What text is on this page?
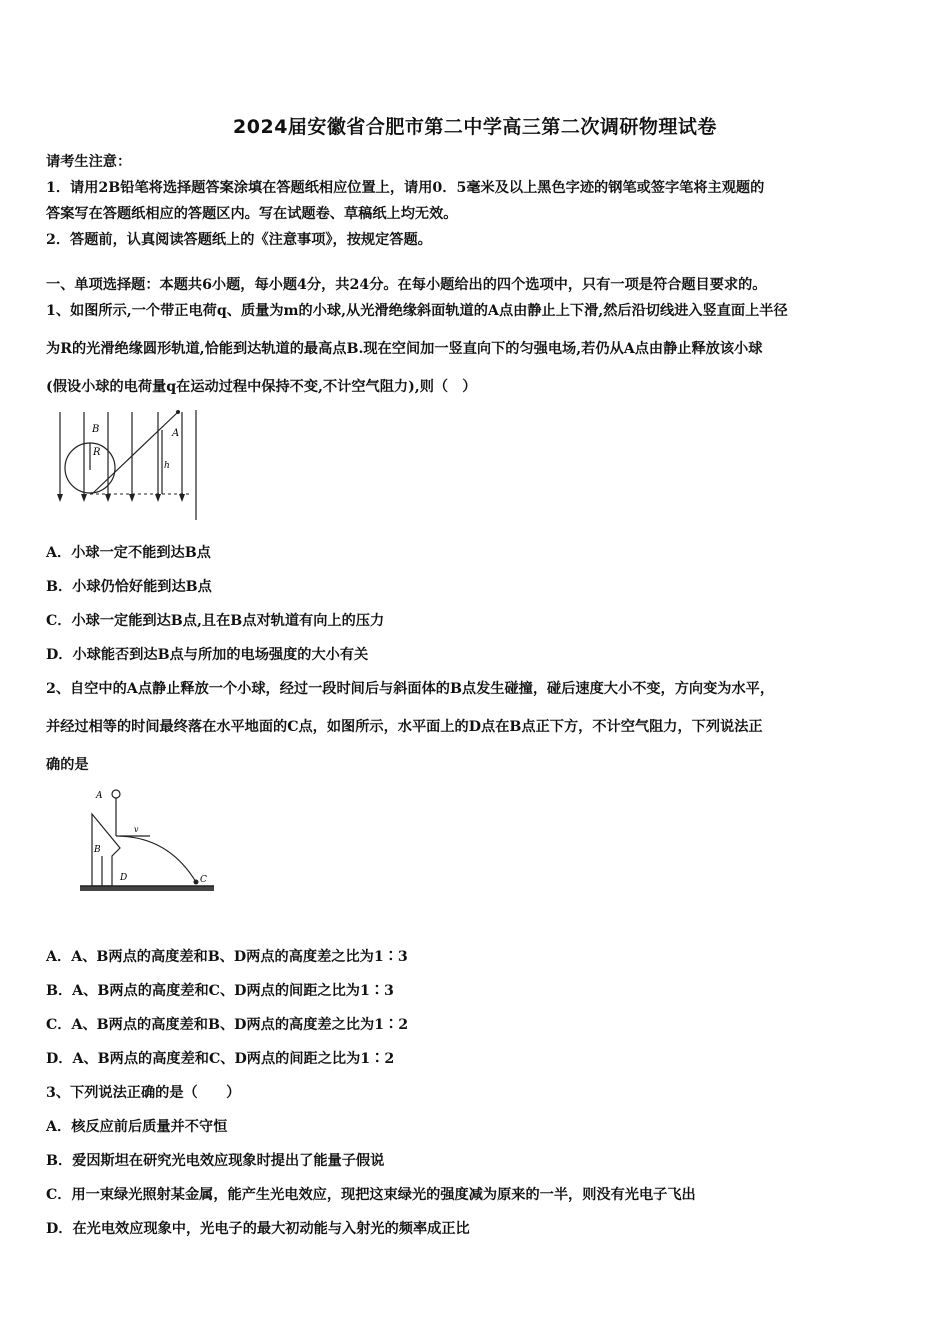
2024届安徽省合肥市第二中学高三第二次调研物理试卷
请考生注意：
1．请用2B铅笔将选择题答案涂填在答题纸相应位置上，请用0．5毫米及以上黑色字迹的钢笔或签字笔将主观题的
答案写在答题纸相应的答题区内。写在试题卷、草稿纸上均无效。
2．答题前，认真阅读答题纸上的《注意事项》，按规定答题。
一、单项选择题：本题共6小题，每小题4分，共24分。在每小题给出的四个选项中，只有一项是符合题目要求的。
1、如图所示,一个带正电荷q、质量为m的小球,从光滑绝缘斜面轨道的A点由静止上下滑,然后沿切线进入竖直面上半径
为R的光滑绝缘圆形轨道,恰能到达轨道的最高点B.现在空间加一竖直向下的匀强电场,若仍从A点由静止释放该小球
(假设小球的电荷量q在运动过程中保持不变,不计空气阻力),则（　）
B
R
A
h
A．小球一定不能到达B点
B．小球仍恰好能到达B点
C．小球一定能到达B点,且在B点对轨道有向上的压力
D．小球能否到达B点与所加的电场强度的大小有关
2、自空中的A点静止释放一个小球，经过一段时间后与斜面体的B点发生碰撞，碰后速度大小不变，方向变为水平，
并经过相等的时间最终落在水平地面的C点，如图所示，水平面上的D点在B点正下方，不计空气阻力，下列说法正
确的是
A
B
v
D	C
A．A、B两点的高度差和B、D两点的高度差之比为1∶3
B．A、B两点的高度差和C、D两点的间距之比为1∶3
C．A、B两点的高度差和B、D两点的高度差之比为1∶2
D．A、B两点的高度差和C、D两点的间距之比为1∶2
3、下列说法正确的是（　　）
A．核反应前后质量并不守恒
B．爱因斯坦在研究光电效应现象时提出了能量子假说
C．用一束绿光照射某金属，能产生光电效应，现把这束绿光的强度减为原来的一半，则没有光电子飞出
D．在光电效应现象中，光电子的最大初动能与入射光的频率成正比
